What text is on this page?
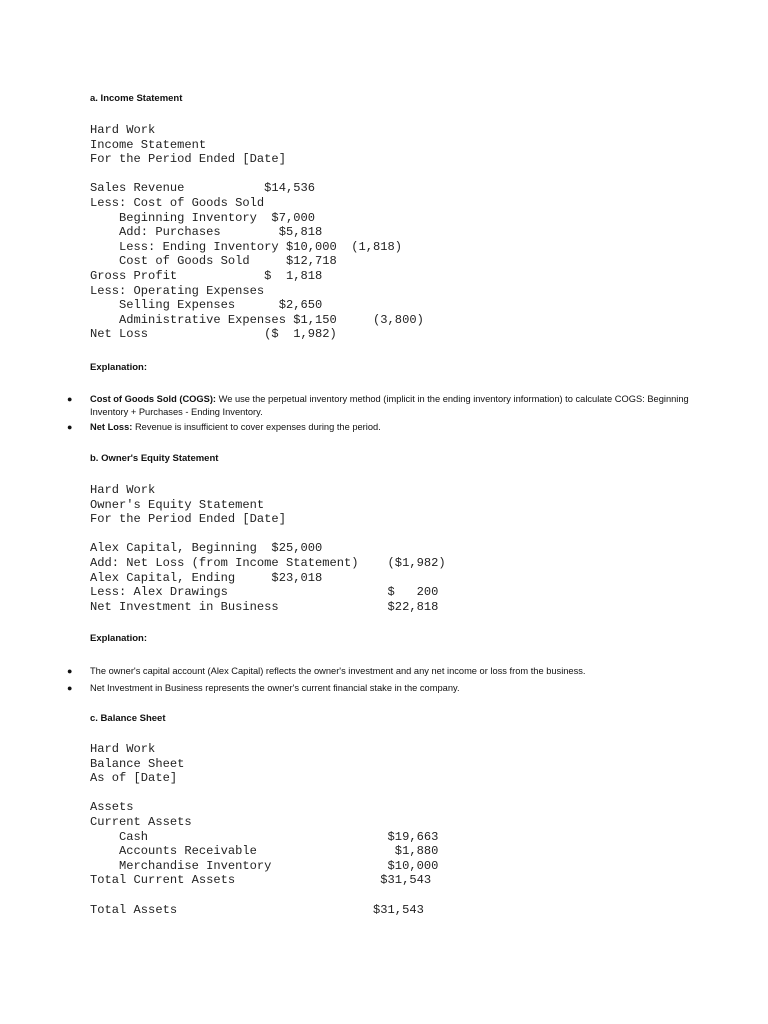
a. Income Statement
Hard Work
Income Statement
For the Period Ended [Date]

Sales Revenue           $14,536
Less: Cost of Goods Sold
Beginning Inventory  $7,000
Add: Purchases        $5,818
Less: Ending Inventory $10,000  (1,818)
Cost of Goods Sold     $12,718
Gross Profit            $  1,818
Less: Operating Expenses
Selling Expenses      $2,650
Administrative Expenses $1,150     (3,800)
Net Loss                ($  1,982)
Explanation:
● Cost of Goods Sold (COGS): We use the perpetual inventory method (implicit in the ending inventory information) to calculate COGS: Beginning Inventory + Purchases - Ending Inventory.
● Net Loss: Revenue is insufficient to cover expenses during the period.
b. Owner's Equity Statement
Hard Work
Owner's Equity Statement
For the Period Ended [Date]

Alex Capital, Beginning  $25,000
Add: Net Loss (from Income Statement)    ($1,982)
Alex Capital, Ending     $23,018
Less: Alex Drawings                      $   200
Net Investment in Business               $22,818
Explanation:
● The owner's capital account (Alex Capital) reflects the owner's investment and any net income or loss from the business.
● Net Investment in Business represents the owner's current financial stake in the company.
c. Balance Sheet
Hard Work
Balance Sheet
As of [Date]

Assets
Current Assets
Cash                                 $19,663
Accounts Receivable                   $1,880
Merchandise Inventory                $10,000
Total Current Assets                    $31,543

Total Assets                           $31,543
